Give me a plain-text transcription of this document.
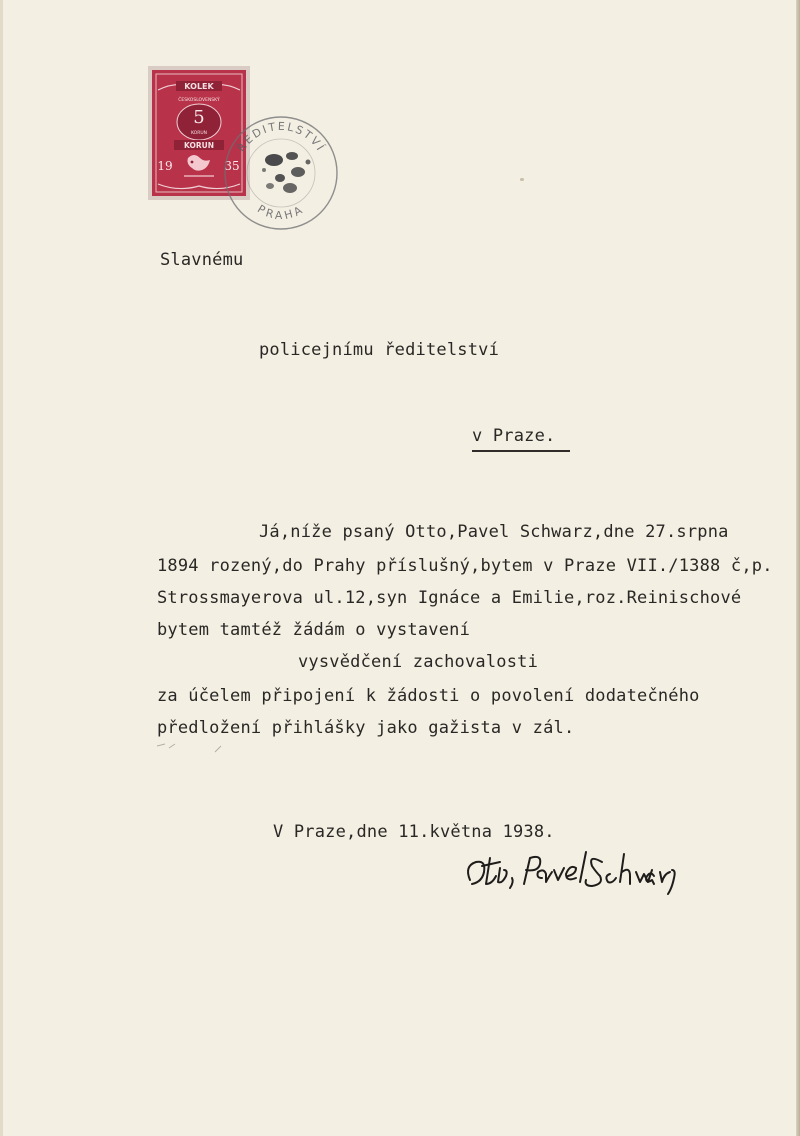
KOLEK
ČESKOSLOVENSKÝ
5
KORUN
KORUN
19	35
ŘEDITELSTVÍ
PRAHA
Slavnému
policejnímu ředitelství
v Praze.
Já,níže psaný Otto,Pavel Schwarz,dne 27.srpna
1894 rozený,do Prahy příslušný,bytem v Praze VII./1388 č,p.
Strossmayerova ul.12,syn Ignáce a Emilie,roz.Reinischové
bytem tamtéž žádám o vystavení
vysvědčení zachovalosti
za účelem připojení k žádosti o povolení dodatečného
předložení přihlášky jako gažista v zál.
V Praze,dne 11.května 1938.
